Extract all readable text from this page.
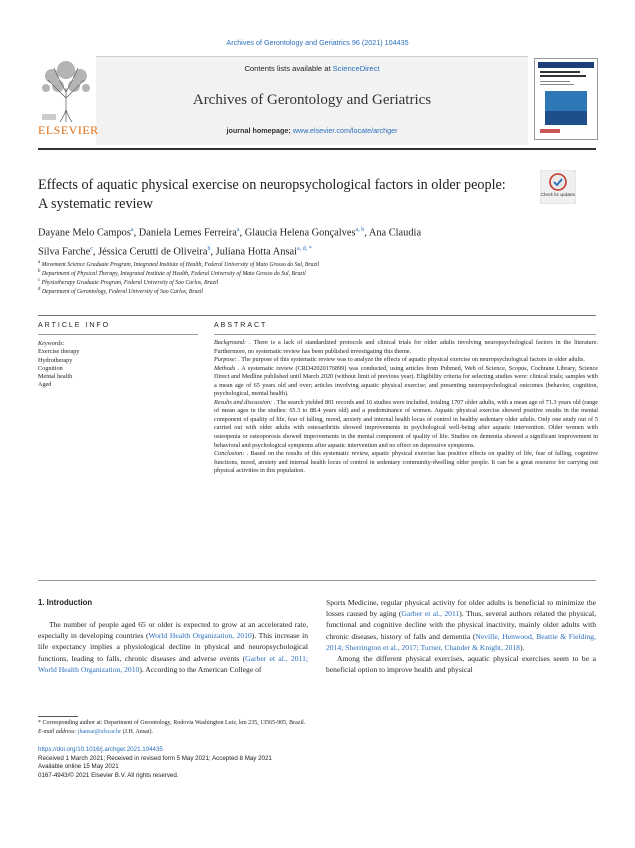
Archives of Gerontology and Geriatrics 96 (2021) 104435
Contents lists available at ScienceDirect
Archives of Gerontology and Geriatrics
journal homepage: www.elsevier.com/locate/archger
ELSEVIER
Effects of aquatic physical exercise on neuropsychological factors in older people: A systematic review
Check for updates
Dayane Melo Campos$^a$, Daniela Lemes Ferreira$^a$, Glaucia Helena Gonçalves$^{a, b}$, Ana Claudia
Silva Farche$^c$, Jéssica Cerutti de Oliveira$^b$, Juliana Hotta Ansai$^{a, d, *}$
$^a$ Movement Science Graduate Program, Integrated Institute of Health, Federal University of Mato Grosso do Sul, Brazil
$^b$ Department of Physical Therapy, Integrated Institute of Health, Federal University of Mato Grosso do Sul, Brazil
$^c$ Physiotherapy Graduate Program, Federal University of Sao Carlos, Brazil
$^d$ Department of Gerontology, Federal University of Sao Carlos, Brazil
ARTICLE INFO	ABSTRACT
Keywords:
Exercise therapy
Hydrotherapy
Cognition
Mental health
Aged

Background: . There is a lack of standardized protocols and clinical trials for older adults involving neuropsychological factors in the literature. Furthermore, no systematic review has been published investigating this theme.

Purpose: . The purpose of this systematic review was to analyze the effects of aquatic physical exercise on neuropsychological factors in older adults.

Methods . A systematic review (CRD42020176899) was conducted, using articles from Pubmed, Web of Science, Scopus, Cochrane Library, Science Direct and Medline published until March 2020 (without limit of previous year). Eligibility criteria for selecting studies were: clinical trials; samples with a mean age of 65 years old and over; articles involving aquatic physical exercise; and presenting neuropsychological outcomes (behavior, cognition, psychological, mental health).

Results and discussion: . The search yielded 801 records and 16 studies were included, totaling 1707 older adults, with a mean age of 71.3 years old (range of mean ages in the studies: 65.3 to 88.4 years old) and a predominance of women. Aquatic physical exercise showed positive results in the mental component of quality of life, fear of falling, mood, anxiety and internal health locus of control in healthy sedentary older adults. Only one study out of 5 carried out with older adults with osteoarthritis showed improvements in psychological well-being after aquatic intervention. Older women with osteopenia or osteoporosis showed improvements in the mental component of quality of life. Studies on dementia showed a significant improvement in behavioral and psychological symptoms after aquatic intervention and no effect on depressive symptoms.

Conclusion: . Based on the results of this systematic review, aquatic physical exercise has positive effects on quality of life, fear of falling, cognitive functions, mood, anxiety and internal health locus of control in sedentary community-dwelling older people. It can be a great resource for carrying out physical activities in this population.

1. Introduction

The number of people aged 65 or older is expected to grow at an accelerated rate, especially in developing countries (World Health Organization, 2010). This increase in life expectancy implies a physiological decline in physical and neuropsychological functions, leading to falls, chronic diseases and adverse events (Garber et al., 2011; World Health Organization, 2010). According to the American College of

Sports Medicine, regular physical activity for older adults is beneficial to minimize the losses caused by aging (Garber et al., 2011). Thus, several authors related the physical, functional and cognitive decline with the physical inactivity, mainly older adults with chronic diseases, history of falls and dementia (Neville, Henwood, Beattie & Fielding, 2014; Sherrington et al., 2017; Turner, Chander & Knight, 2018).

Among the different physical exercises, aquatic physical exercises seem to be a beneficial option to improve health and physical

* Corresponding author at: Department of Gerontology, Rodovia Washington Luiz, km 235, 13565-905, Brazil.
E-mail address: jhansai@ufscar.br (J.H. Ansai).
https://doi.org/10.1016/j.archger.2021.104435
Received 1 March 2021; Received in revised form 5 May 2021; Accepted 8 May 2021
Available online 15 May 2021
0167-4943/© 2021 Elsevier B.V. All rights reserved.
